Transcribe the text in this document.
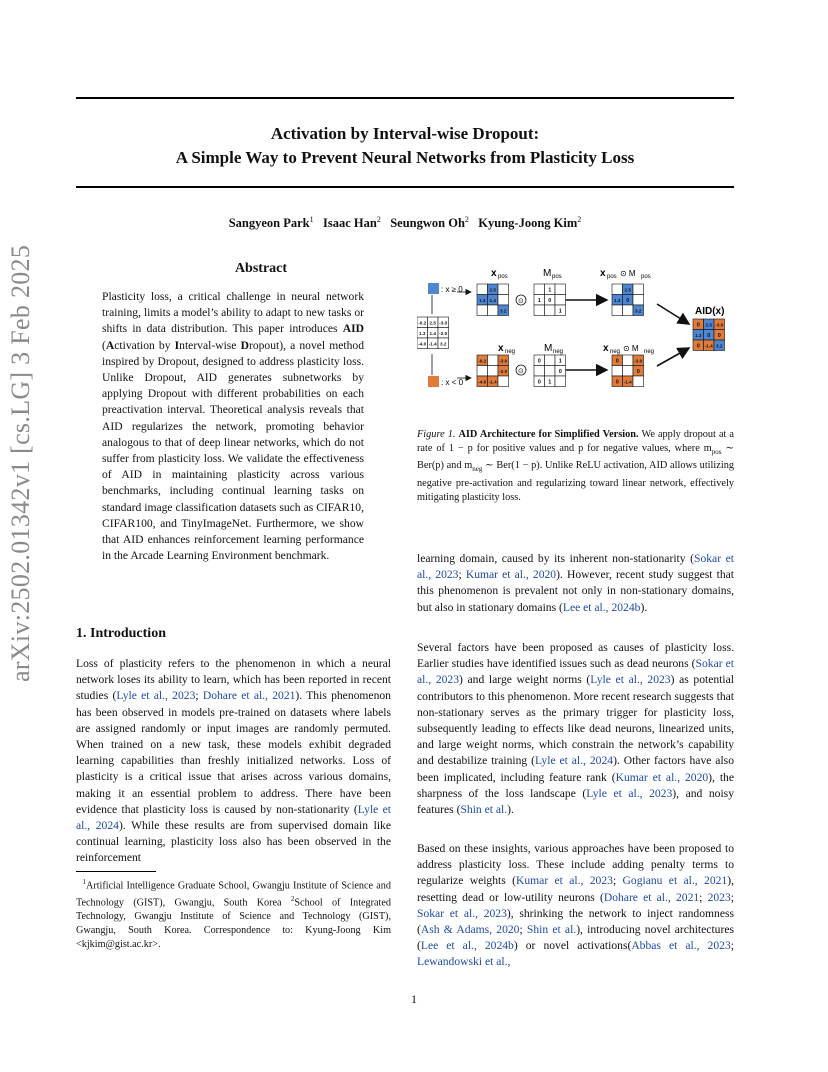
Activation by Interval-wise Dropout:
A Simple Way to Prevent Neural Networks from Plasticity Loss
Sangyeon Park$^1$ Isaac Han$^2$ Seungwon Oh$^2$ Kyung-Joong Kim$^2$
arXiv:2502.01342v1 [cs.LG] 3 Feb 2025	Abstract
Plasticity loss, a critical challenge in neural network training, limits a model’s ability to adapt to new tasks or shifts in data distribution. This paper introduces AID (Activation by Interval-wise Dropout), a novel method inspired by Dropout, designed to address plasticity loss. Unlike Dropout, AID generates subnetworks by applying Dropout with different probabilities on each preactivation interval. Theoretical analysis reveals that AID regularizes the network, promoting behavior analogous to that of deep linear networks, which do not suffer from plasticity loss. We validate the effectiveness of AID in maintaining plasticity across various benchmarks, including continual learning tasks on standard image classification datasets such as CIFAR10, CIFAR100, and TinyImageNet. Furthermore, we show that AID enhances reinforcement learning performance in the Arcade Learning Environment benchmark.
1. Introduction
Loss of plasticity refers to the phenomenon in which a neural network loses its ability to learn, which has been reported in recent studies (Lyle et al., 2023; Dohare et al., 2021). This phenomenon has been observed in models pre-trained on datasets where labels are assigned randomly or input images are randomly permuted. When trained on a new task, these models exhibit degraded learning capabilities than freshly initialized networks. Loss of plasticity is a critical issue that arises across various domains, making it an essential problem to address. There have been evidence that plasticity loss is caused by non-stationarity (Lyle et al., 2024). While these results are from supervised domain like continual learning, plasticity loss also has been observed in the reinforcement
$^1$Artificial Intelligence Graduate School, Gwangju Institute of Science and Technology (GIST), Gwangju, South Korea $^2$School of Integrated Technology, Gwangju Institute of Science and Technology (GIST), Gwangju, South Korea. Correspondence to: Kyung-Joong Kim <kjkim@gist.ac.kr>.
x pos	M pos	x pos ⊙ M pos
x neg	M neg	x neg ⊙ M neg
AID(x)
: x ≥ 0
: x < 0
⊙
⊙
-0.2 2.5 -3.0
1.3 1.4 -2.0
-4.0 -1.4 3.2
2.5
1.3 1.4
3.2
1
1 0
1
2.5
1.3 0
3.2
-0.2	-3.0
-2.0
-4.0 -1.4
0	1
0
0 1
0	-3.0
0
0 -1.4
0 2.5 -3.0
1.3 0 0
0 -1.4 3.2
Figure 1. AID Architecture for Simplified Version. We apply dropout at a rate of 1 − p for positive values and p for negative values, where $m_{pos}$ ∼ Ber(p) and $m_{neg}$ ∼ Ber(1 − p). Unlike ReLU activation, AID allows utilizing negative pre-activation and regularizing toward linear network, effectively mitigating plasticity loss.
learning domain, caused by its inherent non-stationarity (Sokar et al., 2023; Kumar et al., 2020). However, recent study suggest that this phenomenon is prevalent not only in non-stationary domains, but also in stationary domains (Lee et al., 2024b).
Several factors have been proposed as causes of plasticity loss. Earlier studies have identified issues such as dead neurons (Sokar et al., 2023) and large weight norms (Lyle et al., 2023) as potential contributors to this phenomenon. More recent research suggests that non-stationary serves as the primary trigger for plasticity loss, subsequently leading to effects like dead neurons, linearized units, and large weight norms, which constrain the network’s capability and destabilize training (Lyle et al., 2024). Other factors have also been implicated, including feature rank (Kumar et al., 2020), the sharpness of the loss landscape (Lyle et al., 2023), and noisy features (Shin et al.).
Based on these insights, various approaches have been proposed to address plasticity loss. These include adding penalty terms to regularize weights (Kumar et al., 2023; Gogianu et al., 2021), resetting dead or low-utility neurons (Dohare et al., 2021; 2023; Sokar et al., 2023), shrinking the network to inject randomness (Ash & Adams, 2020; Shin et al.), introducing novel architectures (Lee et al., 2024b) or novel activations(Abbas et al., 2023; Lewandowski et al.,
1
